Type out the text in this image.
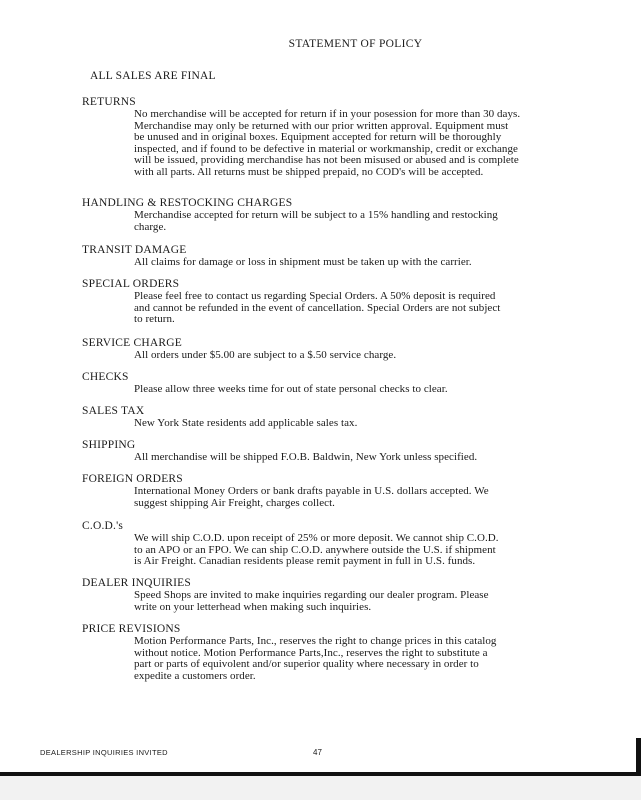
STATEMENT OF POLICY
ALL SALES ARE FINAL
RETURNS
No merchandise will be accepted for return if in your posession for more than 30 days.
Merchandise may only be returned with our prior written approval. Equipment must
be unused and in original boxes. Equipment accepted for return will be thoroughly
inspected, and if found to be defective in material or workmanship, credit or exchange
will be issued, providing merchandise has not been misused or abused and is complete
with all parts. All returns must be shipped prepaid, no COD's will be accepted.
HANDLING & RESTOCKING CHARGES
Merchandise accepted for return will be subject to a 15% handling and restocking
charge.
TRANSIT DAMAGE
All claims for damage or loss in shipment must be taken up with the carrier.
SPECIAL ORDERS
Please feel free to contact us regarding Special Orders. A 50% deposit is required
and cannot be refunded in the event of cancellation. Special Orders are not subject
to return.
SERVICE CHARGE
All orders under $5.00 are subject to a $.50 service charge.
CHECKS
Please allow three weeks time for out of state personal checks to clear.
SALES TAX
New York State residents add applicable sales tax.
SHIPPING
All merchandise will be shipped F.O.B. Baldwin, New York unless specified.
FOREIGN ORDERS
International Money Orders or bank drafts payable in U.S. dollars accepted. We
suggest shipping Air Freight, charges collect.
C.O.D.'s
We will ship C.O.D. upon receipt of 25% or more deposit. We cannot ship C.O.D.
to an APO or an FPO. We can ship C.O.D. anywhere outside the U.S. if shipment
is Air Freight. Canadian residents please remit payment in full in U.S. funds.
DEALER INQUIRIES
Speed Shops are invited to make inquiries regarding our dealer program. Please
write on your letterhead when making such inquiries.
PRICE REVISIONS
Motion Performance Parts, Inc., reserves the right to change prices in this catalog
without notice. Motion Performance Parts,Inc., reserves the right to substitute a
part or parts of equivolent and/or superior quality where necessary in order to
expedite a customers order.
DEALERSHIP INQUIRIES INVITED	47
